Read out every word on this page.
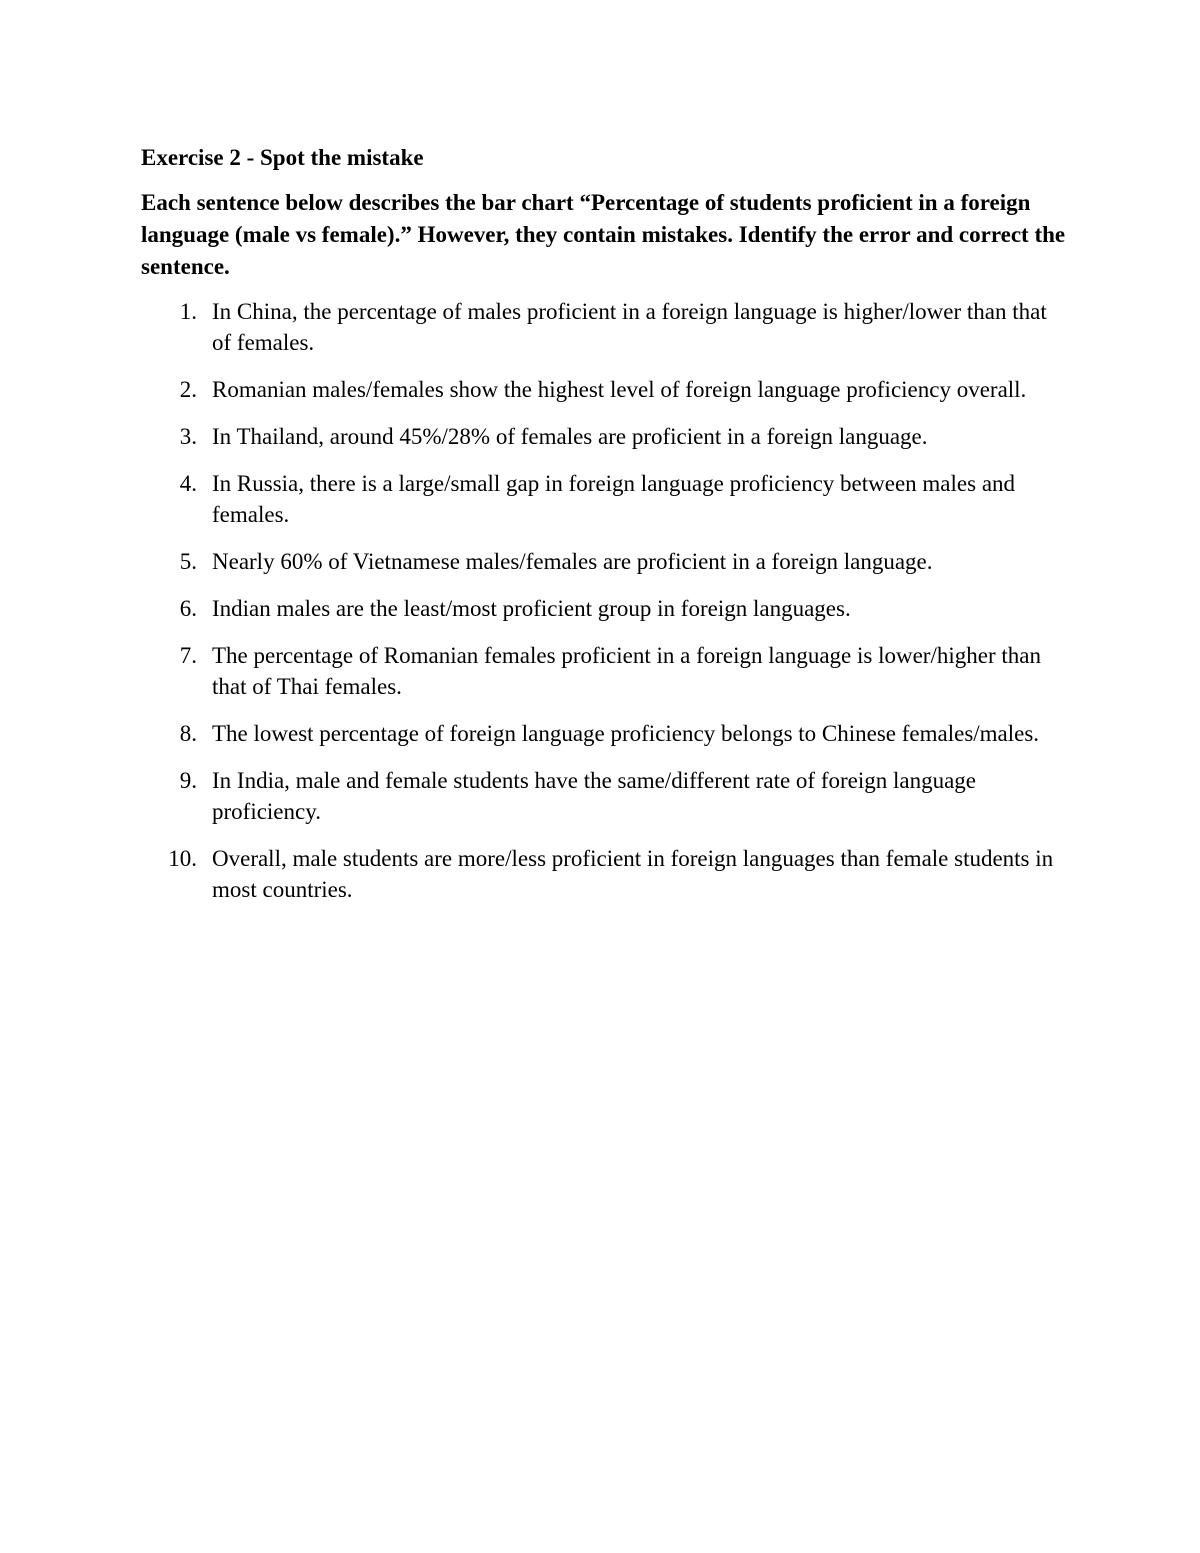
Exercise 2 - Spot the mistake
Each sentence below describes the bar chart “Percentage of students proficient in a foreign language (male vs female).” However, they contain mistakes. Identify the error and correct the sentence.
1. In China, the percentage of males proficient in a foreign language is higher/lower than that of females.
2. Romanian males/females show the highest level of foreign language proficiency overall.
3. In Thailand, around 45%/28% of females are proficient in a foreign language.
4. In Russia, there is a large/small gap in foreign language proficiency between males and females.
5. Nearly 60% of Vietnamese males/females are proficient in a foreign language.
6. Indian males are the least/most proficient group in foreign languages.
7. The percentage of Romanian females proficient in a foreign language is lower/higher than that of Thai females.
8. The lowest percentage of foreign language proficiency belongs to Chinese females/males.
9. In India, male and female students have the same/different rate of foreign language proficiency.
10. Overall, male students are more/less proficient in foreign languages than female students in most countries.
